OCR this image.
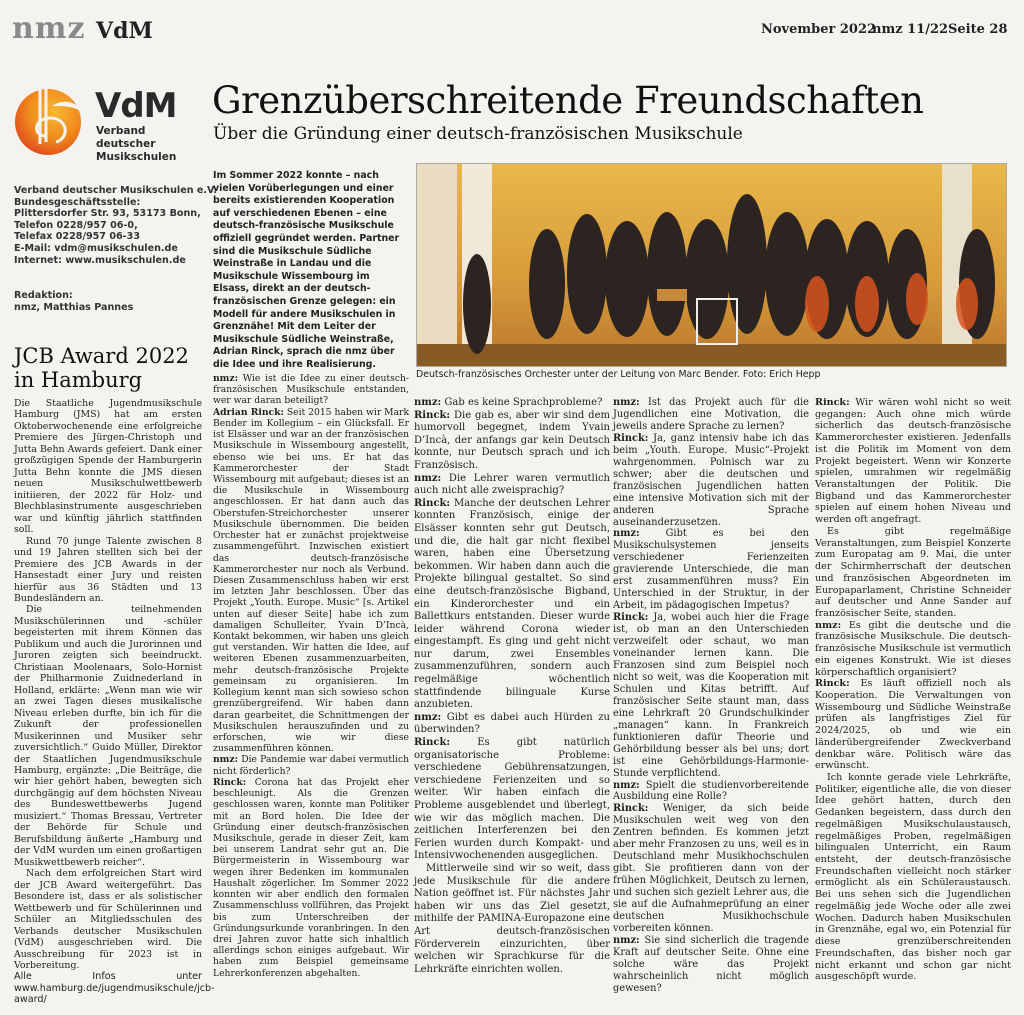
nmz VdM	November 2022
nmz 11/22 Seite 28
VdM
Verband deutscher
Musikschulen
Grenzüberschreitende Freundschaften
Über die Gründung einer deutsch-französischen Musikschule
Verband deutscher Musikschulen e.V.
Bundesgeschäftsstelle:
Plittersdorfer Str. 93, 53173 Bonn,
Telefon 0228/957 06-0,
Telefax 0228/957 06-33
E-Mail: vdm@musikschulen.de
Internet: www.musikschulen.de
Redaktion:
nmz, Matthias Pannes
JCB Award 2022
in Hamburg

Die Staatliche Jugendmusikschule Hamburg (JMS) hat am ersten Oktoberwochenende eine erfolgreiche Premiere des Jürgen-Christoph und Jutta Behn Awards gefeiert. Dank einer großzügigen Spende der Hamburgerin Jutta Behn konnte die JMS diesen neuen Musikschulwettbewerb initiieren, der 2022 für Holz- und Blechblasinstrumente ausgeschrieben war und künftig jährlich stattfinden soll.

Rund 70 junge Talente zwischen 8 und 19 Jahren stellten sich bei der Premiere des JCB Awards in der Hansestadt einer Jury und reisten hierfür aus 36 Städten und 13 Bundesländern an.

Die teilnehmenden Musikschülerinnen und -schüler begeisterten mit ihrem Können das Publikum und auch die Jurorinnen und Juroren zeigten sich beeindruckt. Christiaan Moolenaars, Solo-Hornist der Philharmonie Zuidnederland in Holland, erklärte: „Wenn man wie wir an zwei Tagen dieses musikalische Niveau erleben durfte, bin ich für die Zukunft der professionellen Musikerinnen und Musiker sehr zuversichtlich.“ Guido Müller, Direktor der Staatlichen Jugendmusikschule Hamburg, ergänzte: „Die Beiträge, die wir hier gehört haben, bewegten sich durchgängig auf dem höchsten Niveau des Bundeswettbewerbs Jugend musiziert.“ Thomas Bressau, Vertreter der Behörde für Schule und Berufsbildung äußerte „Hamburg und der VdM wurden um einen großartigen Musikwettbewerb reicher“.

Nach dem erfolgreichen Start wird der JCB Award weitergeführt. Das Besondere ist, dass er als solistischer Wettbewerb und für Schülerinnen und Schüler an Mitgliedsschulen des Verbands deutscher Musikschulen (VdM) ausgeschrieben wird. Die Ausschreibung für 2023 ist in Vorbereitung.

Alle Infos unter www.hamburg.de/jugendmusikschule/jcb-award/

Im Sommer 2022 konnte – nach vielen Vorüberlegungen und einer bereits existierenden Kooperation auf verschiedenen Ebenen – eine deutsch-französische Musikschule offiziell gegründet werden. Partner sind die Musikschule Südliche Weinstraße in Landau und die Musikschule Wissembourg im Elsass, direkt an der deutsch-französischen Grenze gelegen: ein Modell für andere Musikschulen in Grenznähe! Mit dem Leiter der Musikschule Südliche Weinstraße, Adrian Rinck, sprach die nmz über die Idee und ihre Realisierung.
Deutsch-französisches Orchester unter der Leitung von Marc Bender. Foto: Erich Hepp

nmz: Wie ist die Idee zu einer deutsch-französischen Musikschule entstanden, wer war daran beteiligt?

Adrian Rinck: Seit 2015 haben wir Mark Bender im Kollegium – ein Glücksfall. Er ist Elsässer und war an der französischen Musikschule in Wissembourg angestellt, ebenso wie bei uns. Er hat das Kammerorchester der Stadt Wissembourg mit aufgebaut; dieses ist an die Musikschule in Wissembourg angeschlossen. Er hat dann auch das Oberstufen-Streichorchester unserer Musikschule übernommen. Die beiden Orchester hat er zunächst projektweise zusammengeführt. Inzwischen existiert das deutsch-französische Kammerorchester nur noch als Verbund. Diesen Zusammenschluss haben wir erst im letzten Jahr beschlossen. Über das Projekt „Youth. Europe. Music“ [s. Artikel unten auf dieser Seite] habe ich zum damaligen Schulleiter, Yvain D’Incà, Kontakt bekommen, wir haben uns gleich gut verstanden. Wir hatten die Idee, auf weiteren Ebenen zusammenzuarbeiten, mehr deutsch-französische Projekte gemeinsam zu organisieren. Im Kollegium kennt man sich sowieso schon grenzübergreifend. Wir haben dann daran gearbeitet, die Schnittmengen der Musikschulen herauszufinden und zu erforschen, wie wir diese zusammenführen können.

nmz: Die Pandemie war dabei vermutlich nicht förderlich?

Rinck: Corona hat das Projekt eher beschleunigt. Als die Grenzen geschlossen waren, konnte man Politiker mit an Bord holen. Die Idee der Gründung einer deutsch-französischen Musikschule, gerade in dieser Zeit, kam bei unserem Landrat sehr gut an. Die Bürgermeisterin in Wissembourg war wegen ihrer Bedenken im kommunalen Haushalt zögerlicher. Im Sommer 2022 konnten wir aber endlich den formalen Zusammenschluss vollführen, das Projekt bis zum Unterschreiben der Gründungsurkunde voranbringen. In den drei Jahren zuvor hatte sich inhaltlich allerdings schon einiges aufgebaut. Wir haben zum Beispiel gemeinsame Lehrerkonferenzen abgehalten.

nmz: Gab es keine Sprachprobleme?

Rinck: Die gab es, aber wir sind dem humorvoll begegnet, indem Yvain D’Incà, der anfangs gar kein Deutsch konnte, nur Deutsch sprach und ich Französisch.

nmz: Die Lehrer waren vermutlich auch nicht alle zweisprachig?

Rinck: Manche der deutschen Lehrer konnten Französisch, einige der Elsässer konnten sehr gut Deutsch, und die, die halt gar nicht flexibel waren, haben eine Übersetzung bekommen. Wir haben dann auch die Projekte bilingual gestaltet. So sind eine deutsch-französische Bigband, ein Kinderorchester und ein Ballettkurs entstanden. Dieser wurde leider während Corona wieder eingestampft. Es ging und geht nicht nur darum, zwei Ensembles zusammenzuführen, sondern auch regelmäßige wöchentlich stattfindende bilinguale Kurse anzubieten.

nmz: Gibt es dabei auch Hürden zu überwinden?

Rinck:	Es gibt natürlich organisatorische Probleme: verschiedene Gebührensatzungen, verschiedene Ferienzeiten und so weiter. Wir haben einfach die Probleme ausgeblendet und überlegt, wie wir das möglich machen. Die zeitlichen Interferenzen bei den Ferien wurden durch Kompakt- und Intensivwochenenden ausgeglichen.

Mittlerweile sind wir so weit, dass jede Musikschule für die andere Nation geöffnet ist. Für nächstes Jahr haben wir uns das Ziel gesetzt, mithilfe der PAMINA-Europazone eine Art deutsch-französischen Förderverein einzurichten, über welchen wir Sprachkurse für die Lehrkräfte einrichten wollen.

nmz: Ist das Projekt auch für die Jugendlichen eine Motivation, die jeweils andere Sprache zu lernen?

Rinck: Ja, ganz intensiv habe ich das beim „Youth. Europe. Music“-Projekt wahrgenommen. Polnisch war zu schwer; aber die deutschen und französischen Jugendlichen hatten eine intensive Motivation sich mit der anderen Sprache auseinanderzusetzen.

nmz:	Gibt es bei den Musikschulsystemen jenseits verschiedener Ferienzeiten gravierende Unterschiede, die man erst zusammenführen muss? Ein Unterschied in der Struktur, in der Arbeit, im pädagogischen Impetus?

Rinck: Ja, wobei auch hier die Frage ist, ob man an den Unterschieden verzweifelt oder schaut, wo man voneinander lernen kann. Die Franzosen sind zum Beispiel noch nicht so weit, was die Kooperation mit Schulen und Kitas betrifft. Auf französischer Seite staunt man, dass eine Lehrkraft 20 Grundschulkinder „managen“ kann. In Frankreich funktionieren dafür Theorie und Gehörbildung besser als bei uns; dort ist eine Gehörbildungs-Harmonie-Stunde verpflichtend.

nmz: Spielt die studienvorbereitende Ausbildung eine Rolle?

Rinck: Weniger, da sich beide Musikschulen weit weg von den Zentren befinden. Es kommen jetzt aber mehr Franzosen zu uns, weil es in Deutschland mehr Musikhochschulen gibt. Sie profitieren dann von der frühen Möglichkeit, Deutsch zu lernen, und suchen sich gezielt Lehrer aus, die sie auf die Aufnahmeprüfung an einer deutschen Musikhochschule vorbereiten können.

nmz: Sie sind sicherlich die tragende Kraft auf deutscher Seite. Ohne eine solche wäre das Projekt wahrscheinlich nicht möglich gewesen?

Rinck: Wir wären wohl nicht so weit gegangen: Auch ohne mich würde sicherlich das deutsch-französische Kammerorchester existieren. Jedenfalls ist die Politik im Moment von dem Projekt begeistert. Wenn wir Konzerte spielen, umrahmen wir regelmäßig Veranstaltungen der Politik. Die Bigband und das Kammerorchester spielen auf einem hohen Niveau und werden oft angefragt.

Es gibt regelmäßige Veranstaltungen, zum Beispiel Konzerte zum Europatag am 9. Mai, die unter der Schirmherrschaft der deutschen und französischen Abgeordneten im Europaparlament, Christine Schneider auf deutscher und Anne Sander auf französischer Seite, standen.

nmz: Es gibt die deutsche und die französische Musikschule. Die deutsch-französische Musikschule ist vermutlich ein eigenes Konstrukt. Wie ist dieses körperschaftlich organisiert?

Rinck: Es läuft offiziell noch als Kooperation. Die Verwaltungen von Wissembourg und Südliche Weinstraße prüfen als langfristiges Ziel für 2024/2025, ob und wie ein länderübergreifender Zweckverband denkbar wäre. Politisch wäre das erwünscht.

Ich konnte gerade viele Lehrkräfte, Politiker, eigentliche alle, die von dieser Idee gehört hatten, durch den Gedanken begeistern, dass durch den regelmäßigen Musikschulaustausch, regelmäßiges Proben, regelmäßigen bilingualen Unterricht, ein Raum entsteht, der deutsch-französische Freundschaften vielleicht noch stärker ermöglicht als ein Schüleraustausch. Bei uns sehen sich die Jugendlichen regelmäßig jede Woche oder alle zwei Wochen. Dadurch haben Musikschulen in Grenznähe, egal wo, ein Potenzial für diese grenzüberschreitenden Freundschaften, das bisher noch gar nicht erkannt und schon gar nicht ausgeschöpft wurde.
